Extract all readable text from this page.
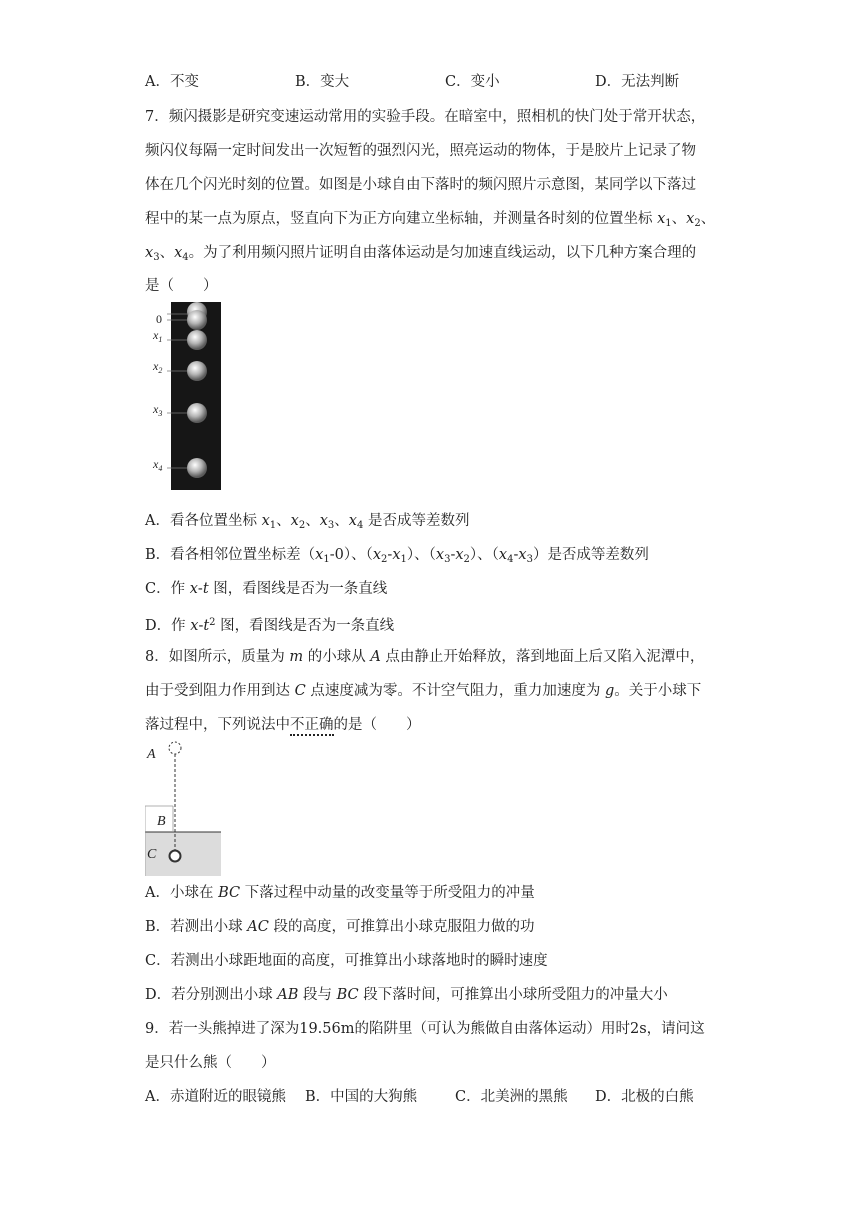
A．不变	B．变大	C．变小	D．无法判断
7．频闪摄影是研究变速运动常用的实验手段。在暗室中，照相机的快门处于常开状态，
频闪仪每隔一定时间发出一次短暂的强烈闪光，照亮运动的物体，于是胶片上记录了物
体在几个闪光时刻的位置。如图是小球自由下落时的频闪照片示意图，某同学以下落过
程中的某一点为原点，竖直向下为正方向建立坐标轴，并测量各时刻的位置坐标 $x_1$、$x_2$、
$x_3$、$x_4$。为了利用频闪照片证明自由落体运动是匀加速直线运动，以下几种方案合理的
是（　　）
0
$x_1$
$x_2$
$x_3$
$x_4$
A．看各位置坐标 $x_1$、$x_2$、$x_3$、$x_4$ 是否成等差数列
B．看各相邻位置坐标差$(x_1-0)$、$(x_2-x_1)$、$(x_3-x_2)$、$(x_4-x_3)$是否成等差数列
C．作 x-t 图，看图线是否为一条直线
D．作 $x-t^2$ 图，看图线是否为一条直线
8．如图所示，质量为 m 的小球从 A 点由静止开始释放，落到地面上后又陷入泥潭中，
由于受到阻力作用到达 C 点速度减为零。不计空气阻力，重力加速度为 g。关于小球下
落过程中，下列说法中不正确的是（　　）
A
B
C
A．小球在 BC 下落过程中动量的改变量等于所受阻力的冲量
B．若测出小球 AC 段的高度，可推算出小球克服阻力做的功
C．若测出小球距地面的高度，可推算出小球落地时的瞬时速度
D．若分别测出小球 AB 段与 BC 段下落时间，可推算出小球所受阻力的冲量大小
9．若一头熊掉进了深为19.56m的陷阱里（可认为熊做自由落体运动）用时2s，请问这
是只什么熊（　　）
A．赤道附近的眼镜熊 B．中国的大狗熊	C．北美洲的黑熊 D．北极的白熊
